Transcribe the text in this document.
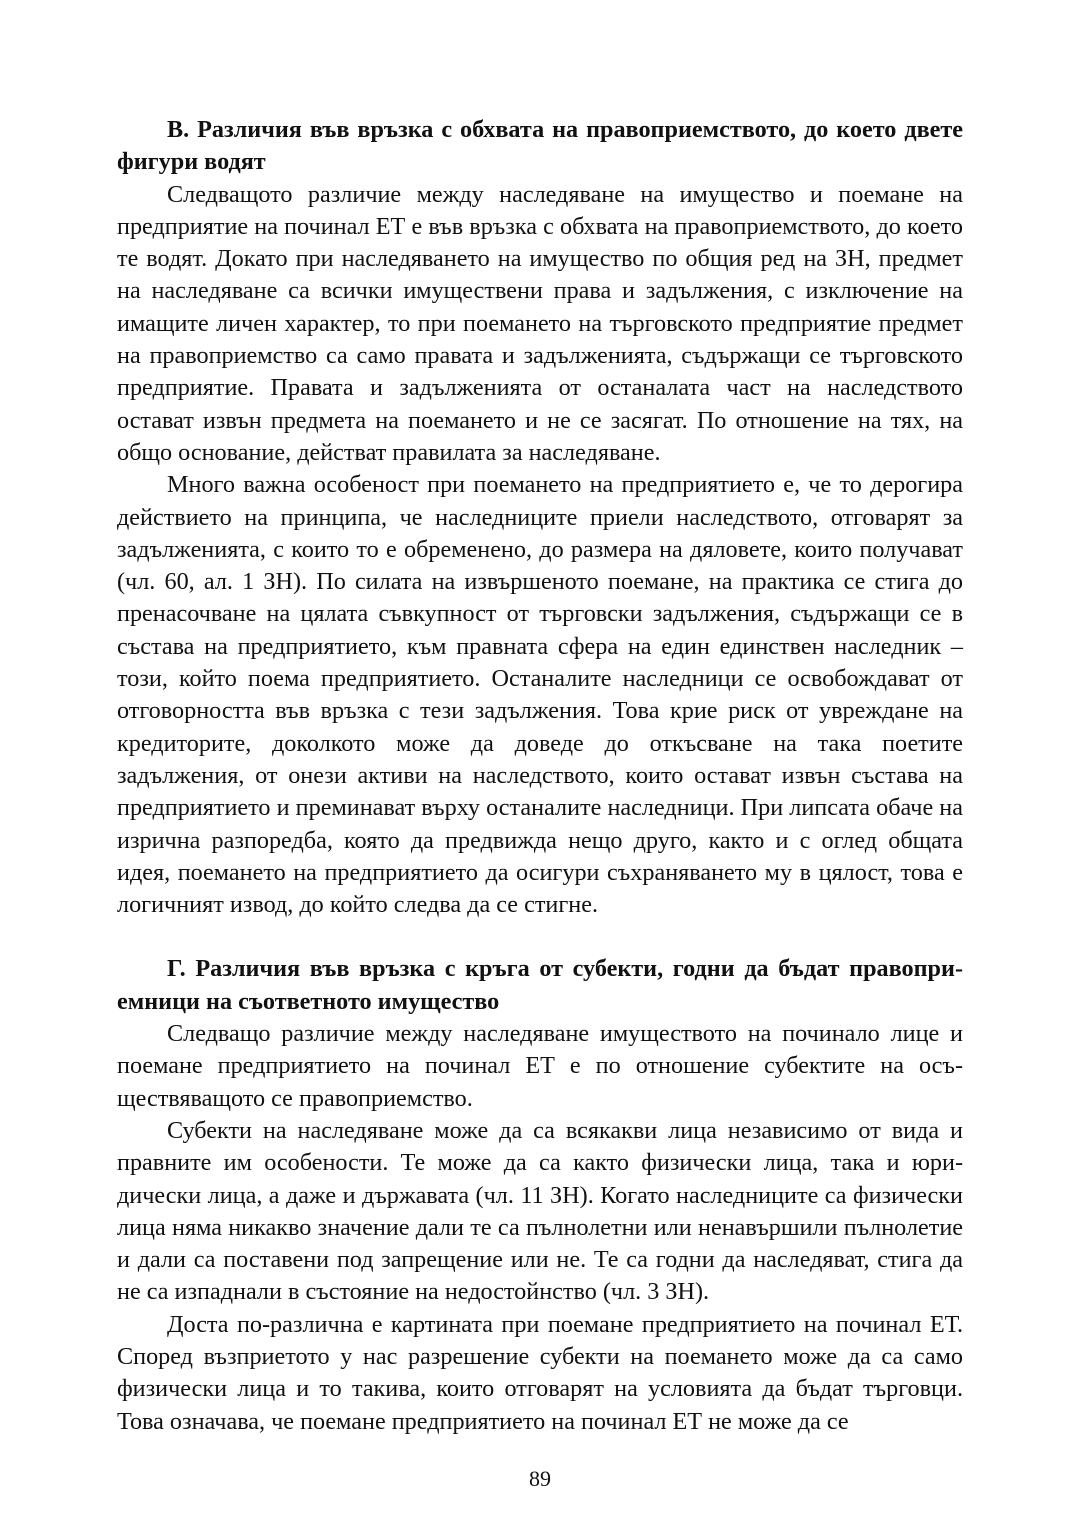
В. Различия във връзка с обхвата на правоприемството, до което двете фигури водят

Следващото различие между наследяване на имущество и поемане на предприятие на починал ЕТ е във връзка с обхвата на правоприемството, до което те водят. Докато при наследяването на имущество по общия ред на ЗН, предмет на наследяване са всички имуществени права и задължения, с изключение на имащите личен характер, то при поемането на търговското предприятие предмет на правоприемство са само правата и задълженията, съдържащи се търговското предприятие. Правата и задълженията от останалата част на наследството остават извън предмета на поемането и не се засягат. По отношение на тях, на общо основание, действат правилата за наследяване.

Много важна особеност при поемането на предприятието е, че то дерогира действието на принципа, че наследниците приели наследството, отговарят за задълженията, с които то е обременено, до размера на дяловете, които получават (чл. 60, ал. 1 ЗН). По силата на извършеното поемане, на практика се стига до пренасочване на цялата съвкупност от търговски задължения, съдържащи се в състава на предприятието, към правната сфера на един единствен наследник – този, който поема предприятието. Останалите наследници се освобождават от отговорността във връзка с тези задължения. Това крие риск от увреждане на кредиторите, доколкото може да доведе до откъсване на така поетите задължения, от онези активи на наследството, които остават извън състава на предприятието и преминават върху останалите наследници. При липсата обаче на изрична разпоредба, която да предвижда нещо друго, както и с оглед общата идея, поемането на предприятието да осигури съхраняването му в цялост, това е логичният извод, до който следва да се стигне.

Г. Различия във връзка с кръга от субекти, годни да бъдат правоприемници на съответното имущество

Следващо различие между наследяване имуществото на починало лице и поемане предприятието на починал ЕТ е по отношение субектите на осъществяващото се правоприемство.

Субекти на наследяване може да са всякакви лица независимо от вида и правните им особености. Те може да са както физически лица, така и юридически лица, а даже и държавата (чл. 11 ЗН). Когато наследниците са физически лица няма никакво значение дали те са пълнолетни или ненавършили пълнолетие и дали са поставени под запрещение или не. Те са годни да наследяват, стига да не са изпаднали в състояние на недостойнство (чл. 3 ЗН).

Доста по-различна е картината при поемане предприятието на починал ЕТ. Според възприетото у нас разрешение субекти на поемането може да са само физически лица и то такива, които отговарят на условията да бъдат търговци. Това означава, че поемане предприятието на починал ЕТ не може да се

89
